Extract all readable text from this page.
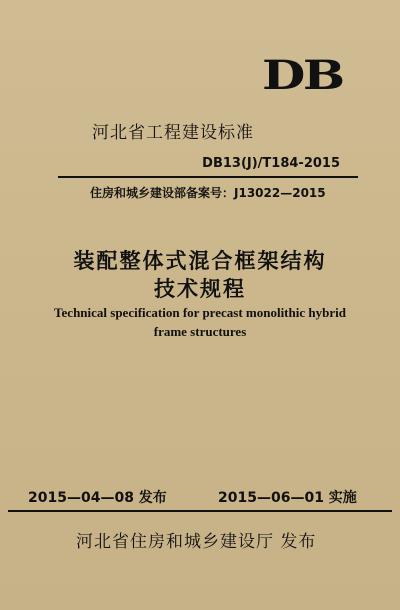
DB
河北省工程建设标准
DB13(J)/T184-2015
住房和城乡建设部备案号：J13022—2015
装配整体式混合框架结构
技术规程
Technical specification for precast monolithic hybrid
frame structures
2015—04—08 发布	2015—06—01 实施
河北省住房和城乡建设厅 发布
